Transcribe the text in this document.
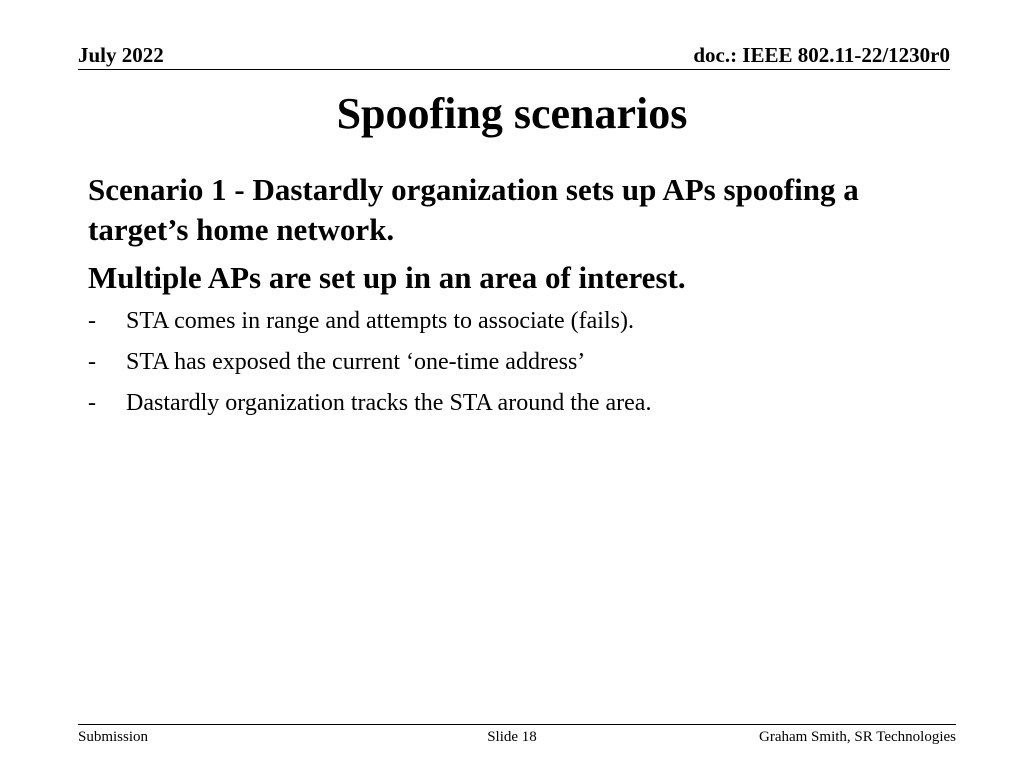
July 2022	doc.: IEEE 802.11-22/1230r0
Spoofing scenarios

Scenario 1 - Dastardly organization sets up APs spoofing a target’s home network.

Multiple APs are set up in an area of interest.

- STA comes in range and attempts to associate (fails).
- STA has exposed the current ‘one-time address’
- Dastardly organization tracks the STA around the area.
Submission	Slide 18	Graham Smith, SR Technologies
